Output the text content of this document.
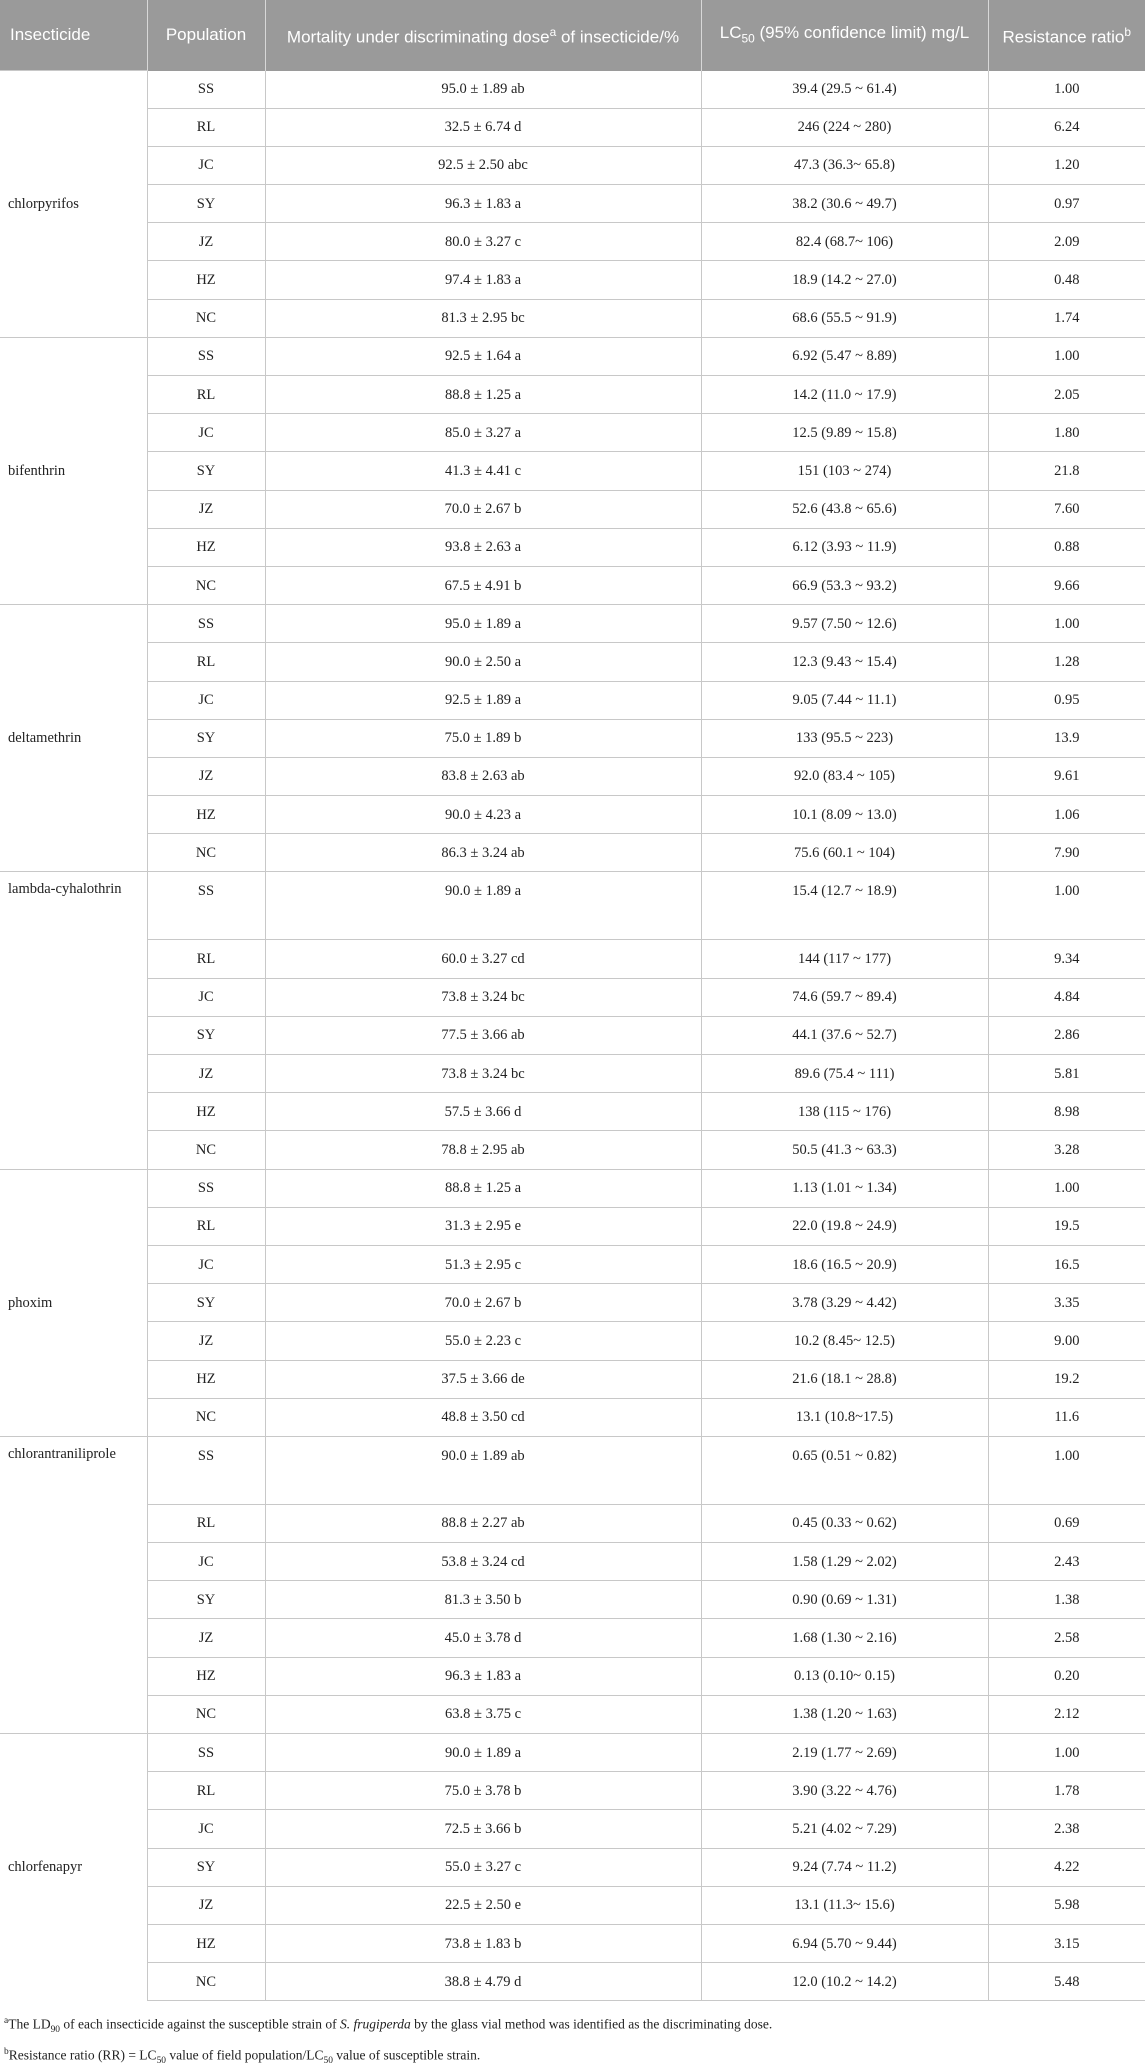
Insecticide	Population	Mortality under discriminating dose$^a$ of insecticide/%	$LC_{50}$ (95% confidence limit) mg/L	Resistance ratio$^b$
chlorpyrifos	SS	95.0 ± 1.89 ab	39.4 (29.5 ~ 61.4)	1.00
	RL	32.5 ± 6.74 d	246 (224 ~ 280)	6.24
	JC	92.5 ± 2.50 abc	47.3 (36.3~ 65.8)	1.20
	SY	96.3 ± 1.83 a	38.2 (30.6 ~ 49.7)	0.97
	JZ	80.0 ± 3.27 c	82.4 (68.7~ 106)	2.09
	HZ	97.4 ± 1.83 a	18.9 (14.2 ~ 27.0)	0.48
	NC	81.3 ± 2.95 bc	68.6 (55.5 ~ 91.9)	1.74
bifenthrin	SS	92.5 ± 1.64 a	6.92 (5.47 ~ 8.89)	1.00
	RL	88.8 ± 1.25 a	14.2 (11.0 ~ 17.9)	2.05
	JC	85.0 ± 3.27 a	12.5 (9.89 ~ 15.8)	1.80
	SY	41.3 ± 4.41 c	151 (103 ~ 274)	21.8
	JZ	70.0 ± 2.67 b	52.6 (43.8 ~ 65.6)	7.60
	HZ	93.8 ± 2.63 a	6.12 (3.93 ~ 11.9)	0.88
	NC	67.5 ± 4.91 b	66.9 (53.3 ~ 93.2)	9.66
deltamethrin	SS	95.0 ± 1.89 a	9.57 (7.50 ~ 12.6)	1.00
	RL	90.0 ± 2.50 a	12.3 (9.43 ~ 15.4)	1.28
	JC	92.5 ± 1.89 a	9.05 (7.44 ~ 11.1)	0.95
	SY	75.0 ± 1.89 b	133 (95.5 ~ 223)	13.9
	JZ	83.8 ± 2.63 ab	92.0 (83.4 ~ 105)	9.61
	HZ	90.0 ± 4.23 a	10.1 (8.09 ~ 13.0)	1.06
	NC	86.3 ± 3.24 ab	75.6 (60.1 ~ 104)	7.90
lambda-cyhalothrin	SS	90.0 ± 1.89 a	15.4 (12.7 ~ 18.9)	1.00
	RL	60.0 ± 3.27 cd	144 (117 ~ 177)	9.34
	JC	73.8 ± 3.24 bc	74.6 (59.7 ~ 89.4)	4.84
	SY	77.5 ± 3.66 ab	44.1 (37.6 ~ 52.7)	2.86
	JZ	73.8 ± 3.24 bc	89.6 (75.4 ~ 111)	5.81
	HZ	57.5 ± 3.66 d	138 (115 ~ 176)	8.98
	NC	78.8 ± 2.95 ab	50.5 (41.3 ~ 63.3)	3.28
phoxim	SS	88.8 ± 1.25 a	1.13 (1.01 ~ 1.34)	1.00
	RL	31.3 ± 2.95 e	22.0 (19.8 ~ 24.9)	19.5
	JC	51.3 ± 2.95 c	18.6 (16.5 ~ 20.9)	16.5
	SY	70.0 ± 2.67 b	3.78 (3.29 ~ 4.42)	3.35
	JZ	55.0 ± 2.23 c	10.2 (8.45~ 12.5)	9.00
	HZ	37.5 ± 3.66 de	21.6 (18.1 ~ 28.8)	19.2
	NC	48.8 ± 3.50 cd	13.1 (10.8~17.5)	11.6
chlorantraniliprole	SS	90.0 ± 1.89 ab	0.65 (0.51 ~ 0.82)	1.00
	RL	88.8 ± 2.27 ab	0.45 (0.33 ~ 0.62)	0.69
	JC	53.8 ± 3.24 cd	1.58 (1.29 ~ 2.02)	2.43
	SY	81.3 ± 3.50 b	0.90 (0.69 ~ 1.31)	1.38
	JZ	45.0 ± 3.78 d	1.68 (1.30 ~ 2.16)	2.58
	HZ	96.3 ± 1.83 a	0.13 (0.10~ 0.15)	0.20
	NC	63.8 ± 3.75 c	1.38 (1.20 ~ 1.63)	2.12
chlorfenapyr	SS	90.0 ± 1.89 a	2.19 (1.77 ~ 2.69)	1.00
	RL	75.0 ± 3.78 b	3.90 (3.22 ~ 4.76)	1.78
	JC	72.5 ± 3.66 b	5.21 (4.02 ~ 7.29)	2.38
	SY	55.0 ± 3.27 c	9.24 (7.74 ~ 11.2)	4.22
	JZ	22.5 ± 2.50 e	13.1 (11.3~ 15.6)	5.98
	HZ	73.8 ± 1.83 b	6.94 (5.70 ~ 9.44)	3.15
	NC	38.8 ± 4.79 d	12.0 (10.2 ~ 14.2)	5.48
$^a$The $LD_{90}$ of each insecticide against the susceptible strain of S. frugiperda by the glass vial method was identified as the discriminating dose.
$^b$Resistance ratio $(RR) = LC_{50}$ value of field population/$LC_{50}$ value of susceptible strain.
